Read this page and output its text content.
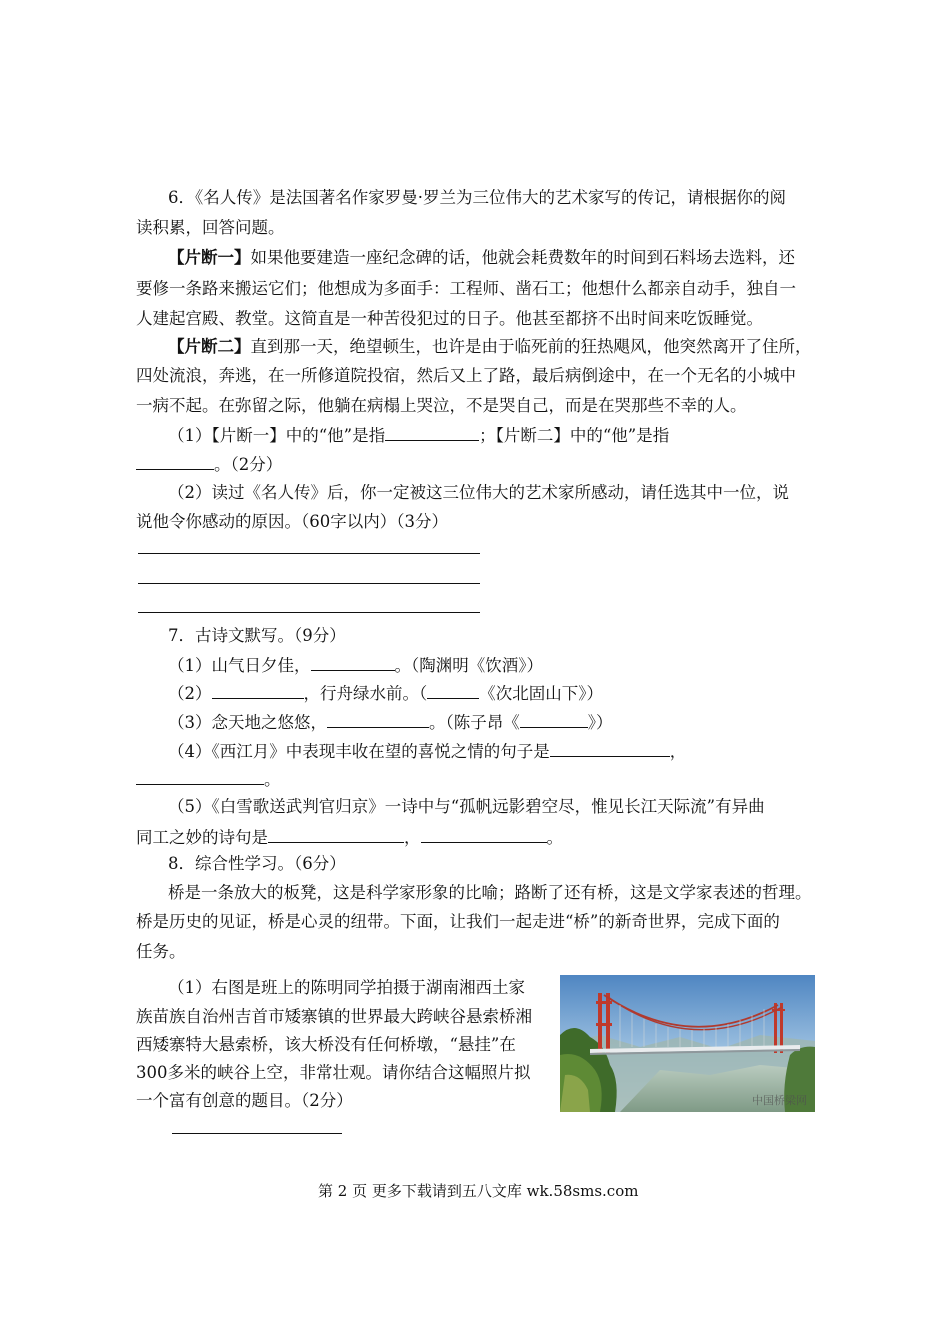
6．《名人传》是法国著名作家罗曼·罗兰为三位伟大的艺术家写的传记，请根据你的阅
读积累，回答问题。
【片断一】如果他要建造一座纪念碑的话，他就会耗费数年的时间到石料场去选料，还
要修一条路来搬运它们；他想成为多面手：工程师、凿石工；他想什么都亲自动手，独自一
人建起宫殿、教堂。这简直是一种苦役犯过的日子。他甚至都挤不出时间来吃饭睡觉。
【片断二】直到那一天，绝望顿生，也许是由于临死前的狂热飓风，他突然离开了住所，
四处流浪，奔逃，在一所修道院投宿，然后又上了路，最后病倒途中，在一个无名的小城中
一病不起。在弥留之际，他躺在病榻上哭泣，不是哭自己，而是在哭那些不幸的人。
（1）【片断一】中的“他”是指	；【片断二】中的“他”是指
。（2分）
（2）读过《名人传》后，你一定被这三位伟大的艺术家所感动，请任选其中一位，说
说他令你感动的原因。（60字以内）（3分）
7．古诗文默写。（9分）
（1）山气日夕佳，	。（陶渊明《饮酒》）
（2）	，行舟绿水前。（	《次北固山下》）
（3）念天地之悠悠，	。（陈子昂《	》）
（4）《西江月》中表现丰收在望的喜悦之情的句子是	，
。
（5）《白雪歌送武判官归京》一诗中与“孤帆远影碧空尽，惟见长江天际流”有异曲
同工之妙的诗句是	，	。
8．综合性学习。（6分）
桥是一条放大的板凳，这是科学家形象的比喻；路断了还有桥，这是文学家表述的哲理。
桥是历史的见证，桥是心灵的纽带。下面，让我们一起走进“桥”的新奇世界，完成下面的
任务。
（1）右图是班上的陈明同学拍摄于湖南湘西土家
族苗族自治州吉首市矮寨镇的世界最大跨峡谷悬索桥湘
西矮寨特大悬索桥，该大桥没有任何桥墩，“悬挂”在
300多米的峡谷上空，非常壮观。请你结合这幅照片拟
一个富有创意的题目。（2分）	中国桥梁网
第 2 页 更多下载请到五八文库 wk.58sms.com
